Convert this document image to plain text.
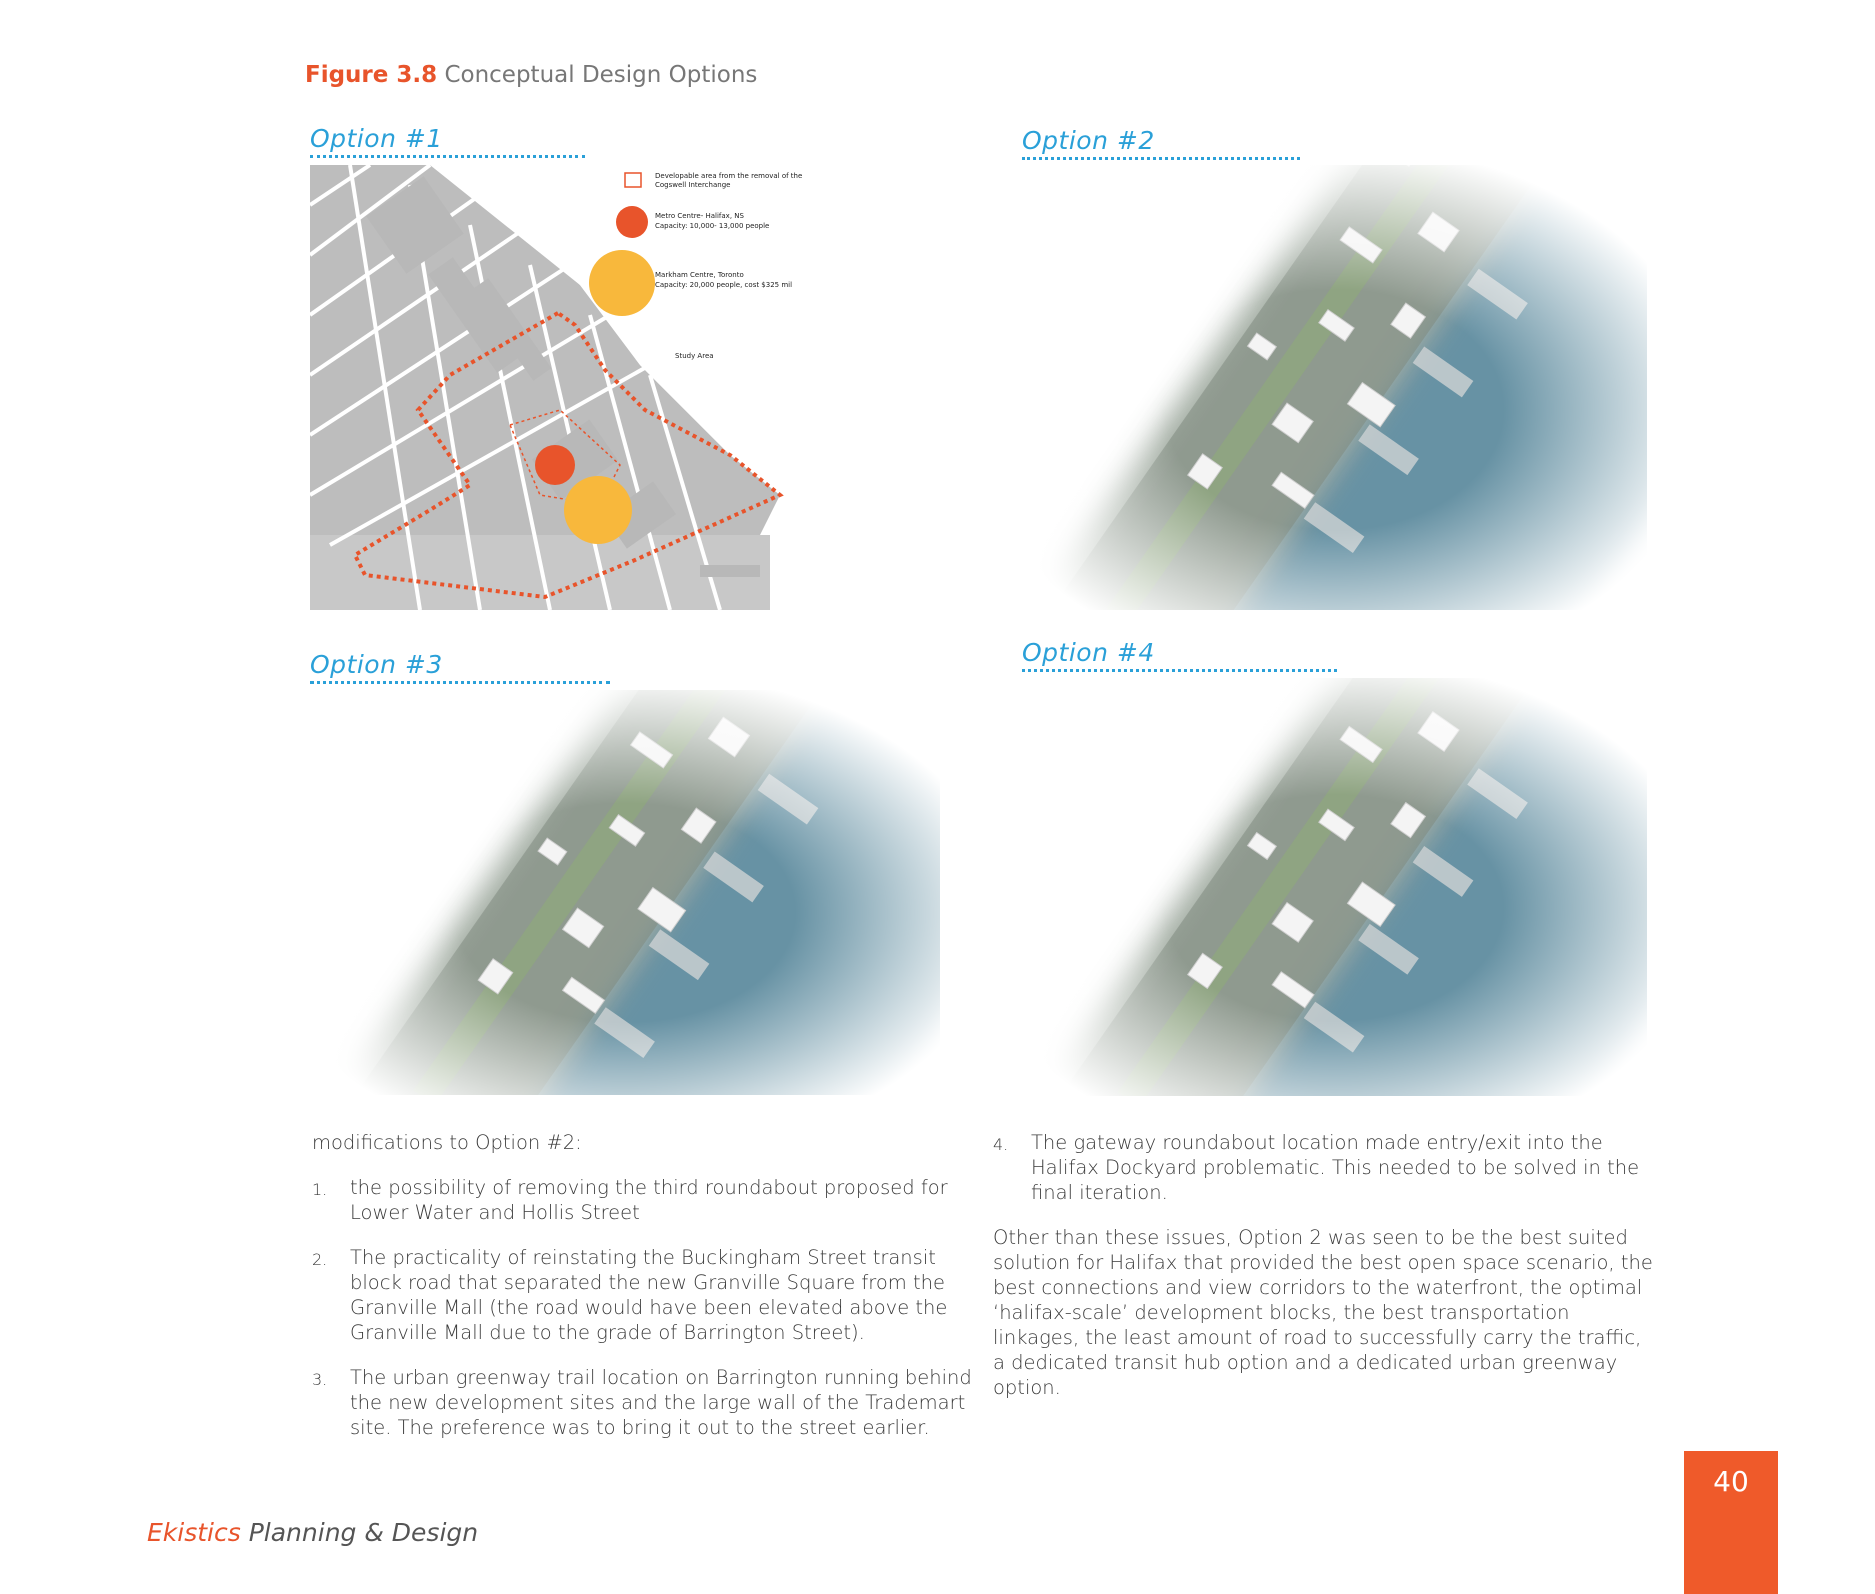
Figure 3.8 Conceptual Design Options
Option #1	Option #2
Option #3	Option #4
Developable area from the removal of the
Cogswell Interchange
Metro Centre- Halifax, NS
Capacity: 10,000- 13,000 people
Markham Centre, Toronto
Capacity: 20,000 people, cost $325 mil
Study Area
modifications to Option #2:
1. the possibility of removing the third roundabout proposed for Lower Water and Hollis Street
2. The practicality of reinstating the Buckingham Street transit block road that separated the new Granville Square from the Granville Mall (the road would have been elevated above the Granville Mall due to the grade of Barrington Street).
3. The urban greenway trail location on Barrington running behind the new development sites and the large wall of the Trademart site. The preference was to bring it out to the street earlier.
4. The gateway roundabout location made entry/exit into the Halifax Dockyard problematic. This needed to be solved in the final iteration.
Other than these issues, Option 2 was seen to be the best suited solution for Halifax that provided the best open space scenario, the best connections and view corridors to the waterfront, the optimal ‘halifax-scale’ development blocks, the best transportation linkages, the least amount of road to successfully carry the traffic, a dedicated transit hub option and a dedicated urban greenway option.
Ekistics Planning & Design
40
